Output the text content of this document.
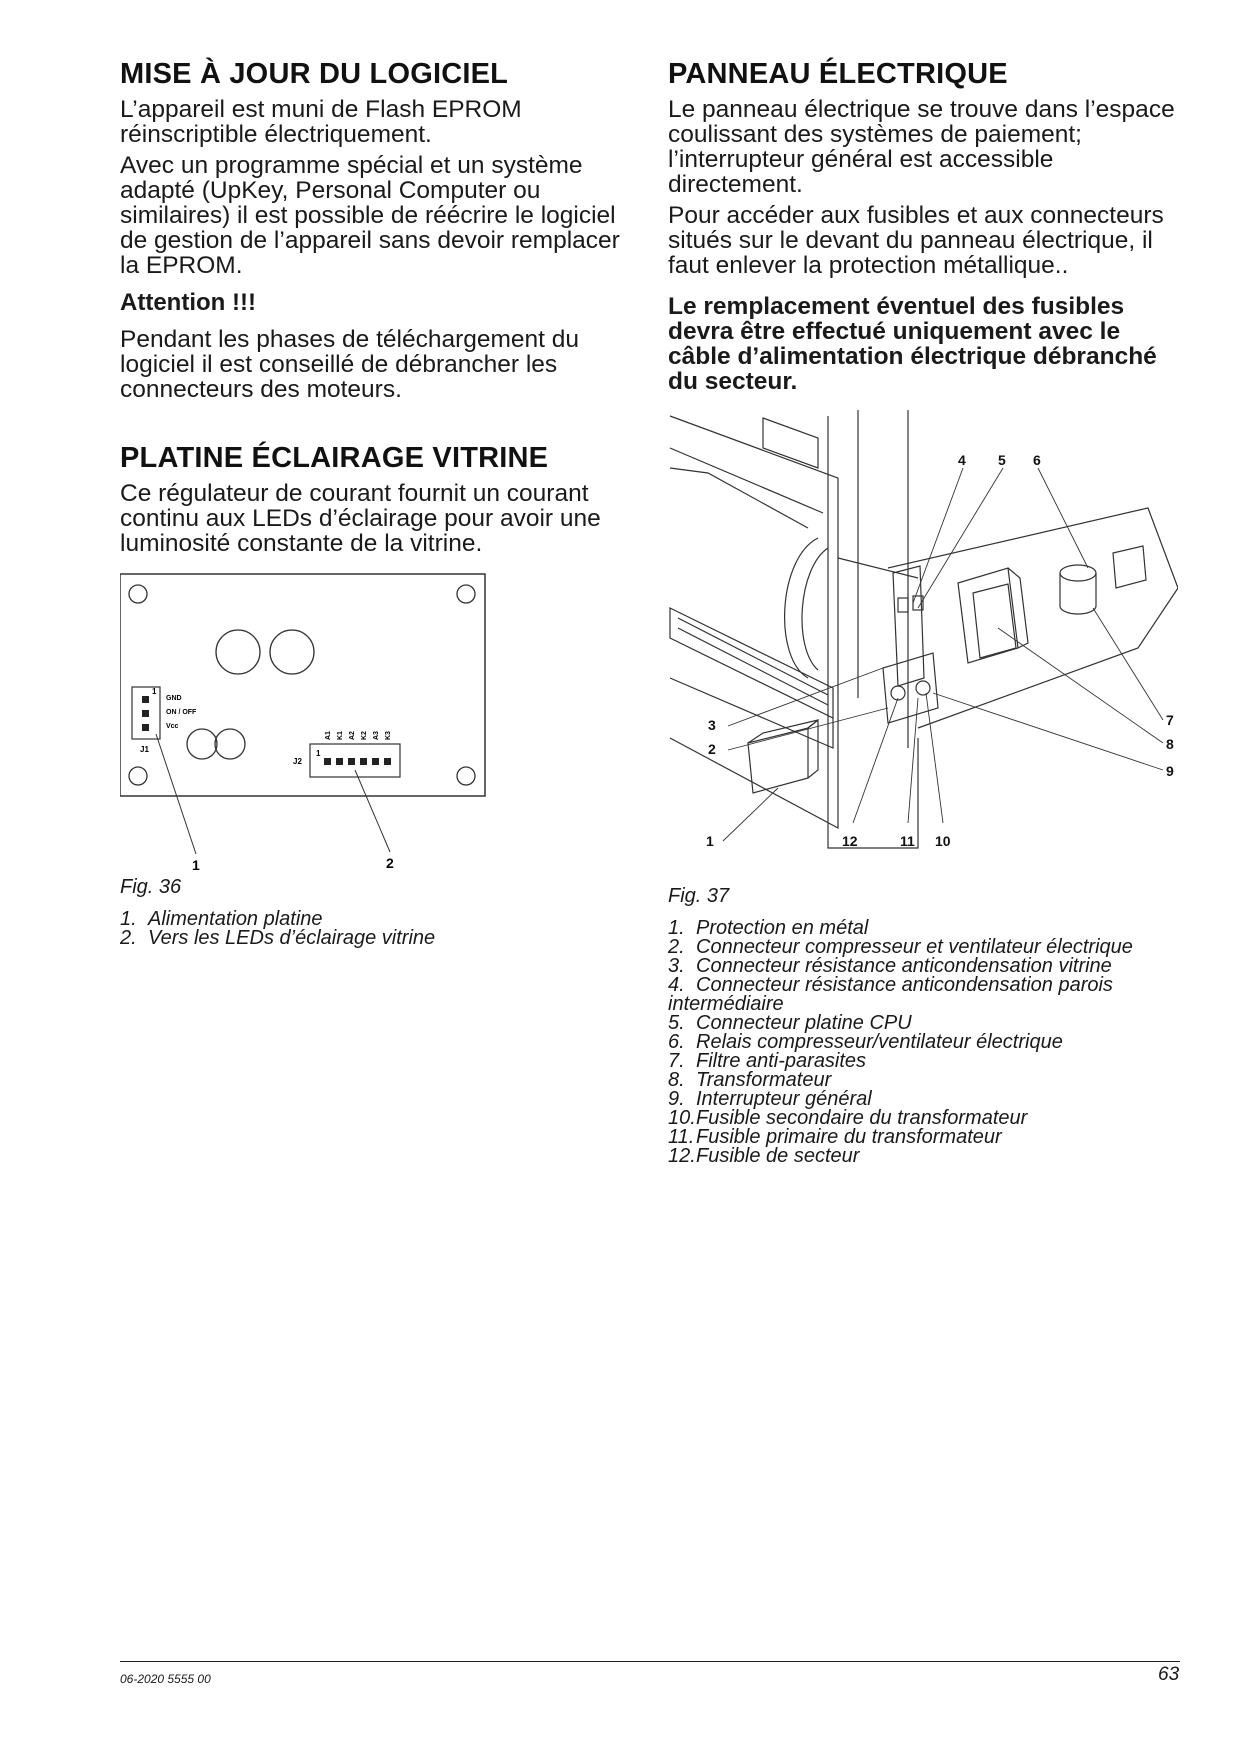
MISE À JOUR DU LOGICIEL

L’appareil est muni de Flash EPROM réinscriptible électriquement.

Avec un programme spécial et un système adapté (UpKey, Personal Computer ou similaires) il est possible de réécrire le logiciel de gestion de l’appareil sans devoir remplacer la EPROM.

Attention !!!

Pendant les phases de téléchargement du logiciel il est conseillé de débrancher les connecteurs des moteurs.

PLATINE ÉCLAIRAGE VITRINE

Ce régulateur de courant fournit un courant continu aux LEDs d’éclairage pour avoir une luminosité constante de la vitrine.

1
GND
ON / OFF
Vcc
J1
A1 K1 A2 K2 A3 K3
1
J2
1	2

Fig. 36

1. Alimentation platine
2. Vers les LEDs d’éclairage vitrine
PANNEAU ÉLECTRIQUE

Le panneau électrique se trouve dans l’espace coulissant des systèmes de paiement; l’interrupteur général est accessible directement.

Pour accéder aux fusibles et aux connecteurs situés sur le devant du panneau électrique, il faut enlever la protection métallique..

Le remplacement éventuel des fusibles devra être effectué uniquement avec le câble d’alimentation électrique débranché du secteur.

4 5 6
7
8
9
3
2
1	12	11 10

Fig. 37

1. Protection en métal
2. Connecteur compresseur et ventilateur électrique
3. Connecteur résistance anticondensation vitrine
4. Connecteur résistance anticondensation parois intermédiaire
5. Connecteur platine CPU
6. Relais compresseur/ventilateur électrique
7. Filtre anti-parasites
8. Transformateur
9. Interrupteur général
10.Fusible secondaire du transformateur
11.Fusible primaire du transformateur
12.Fusible de secteur
06-2020 5555 00	63
